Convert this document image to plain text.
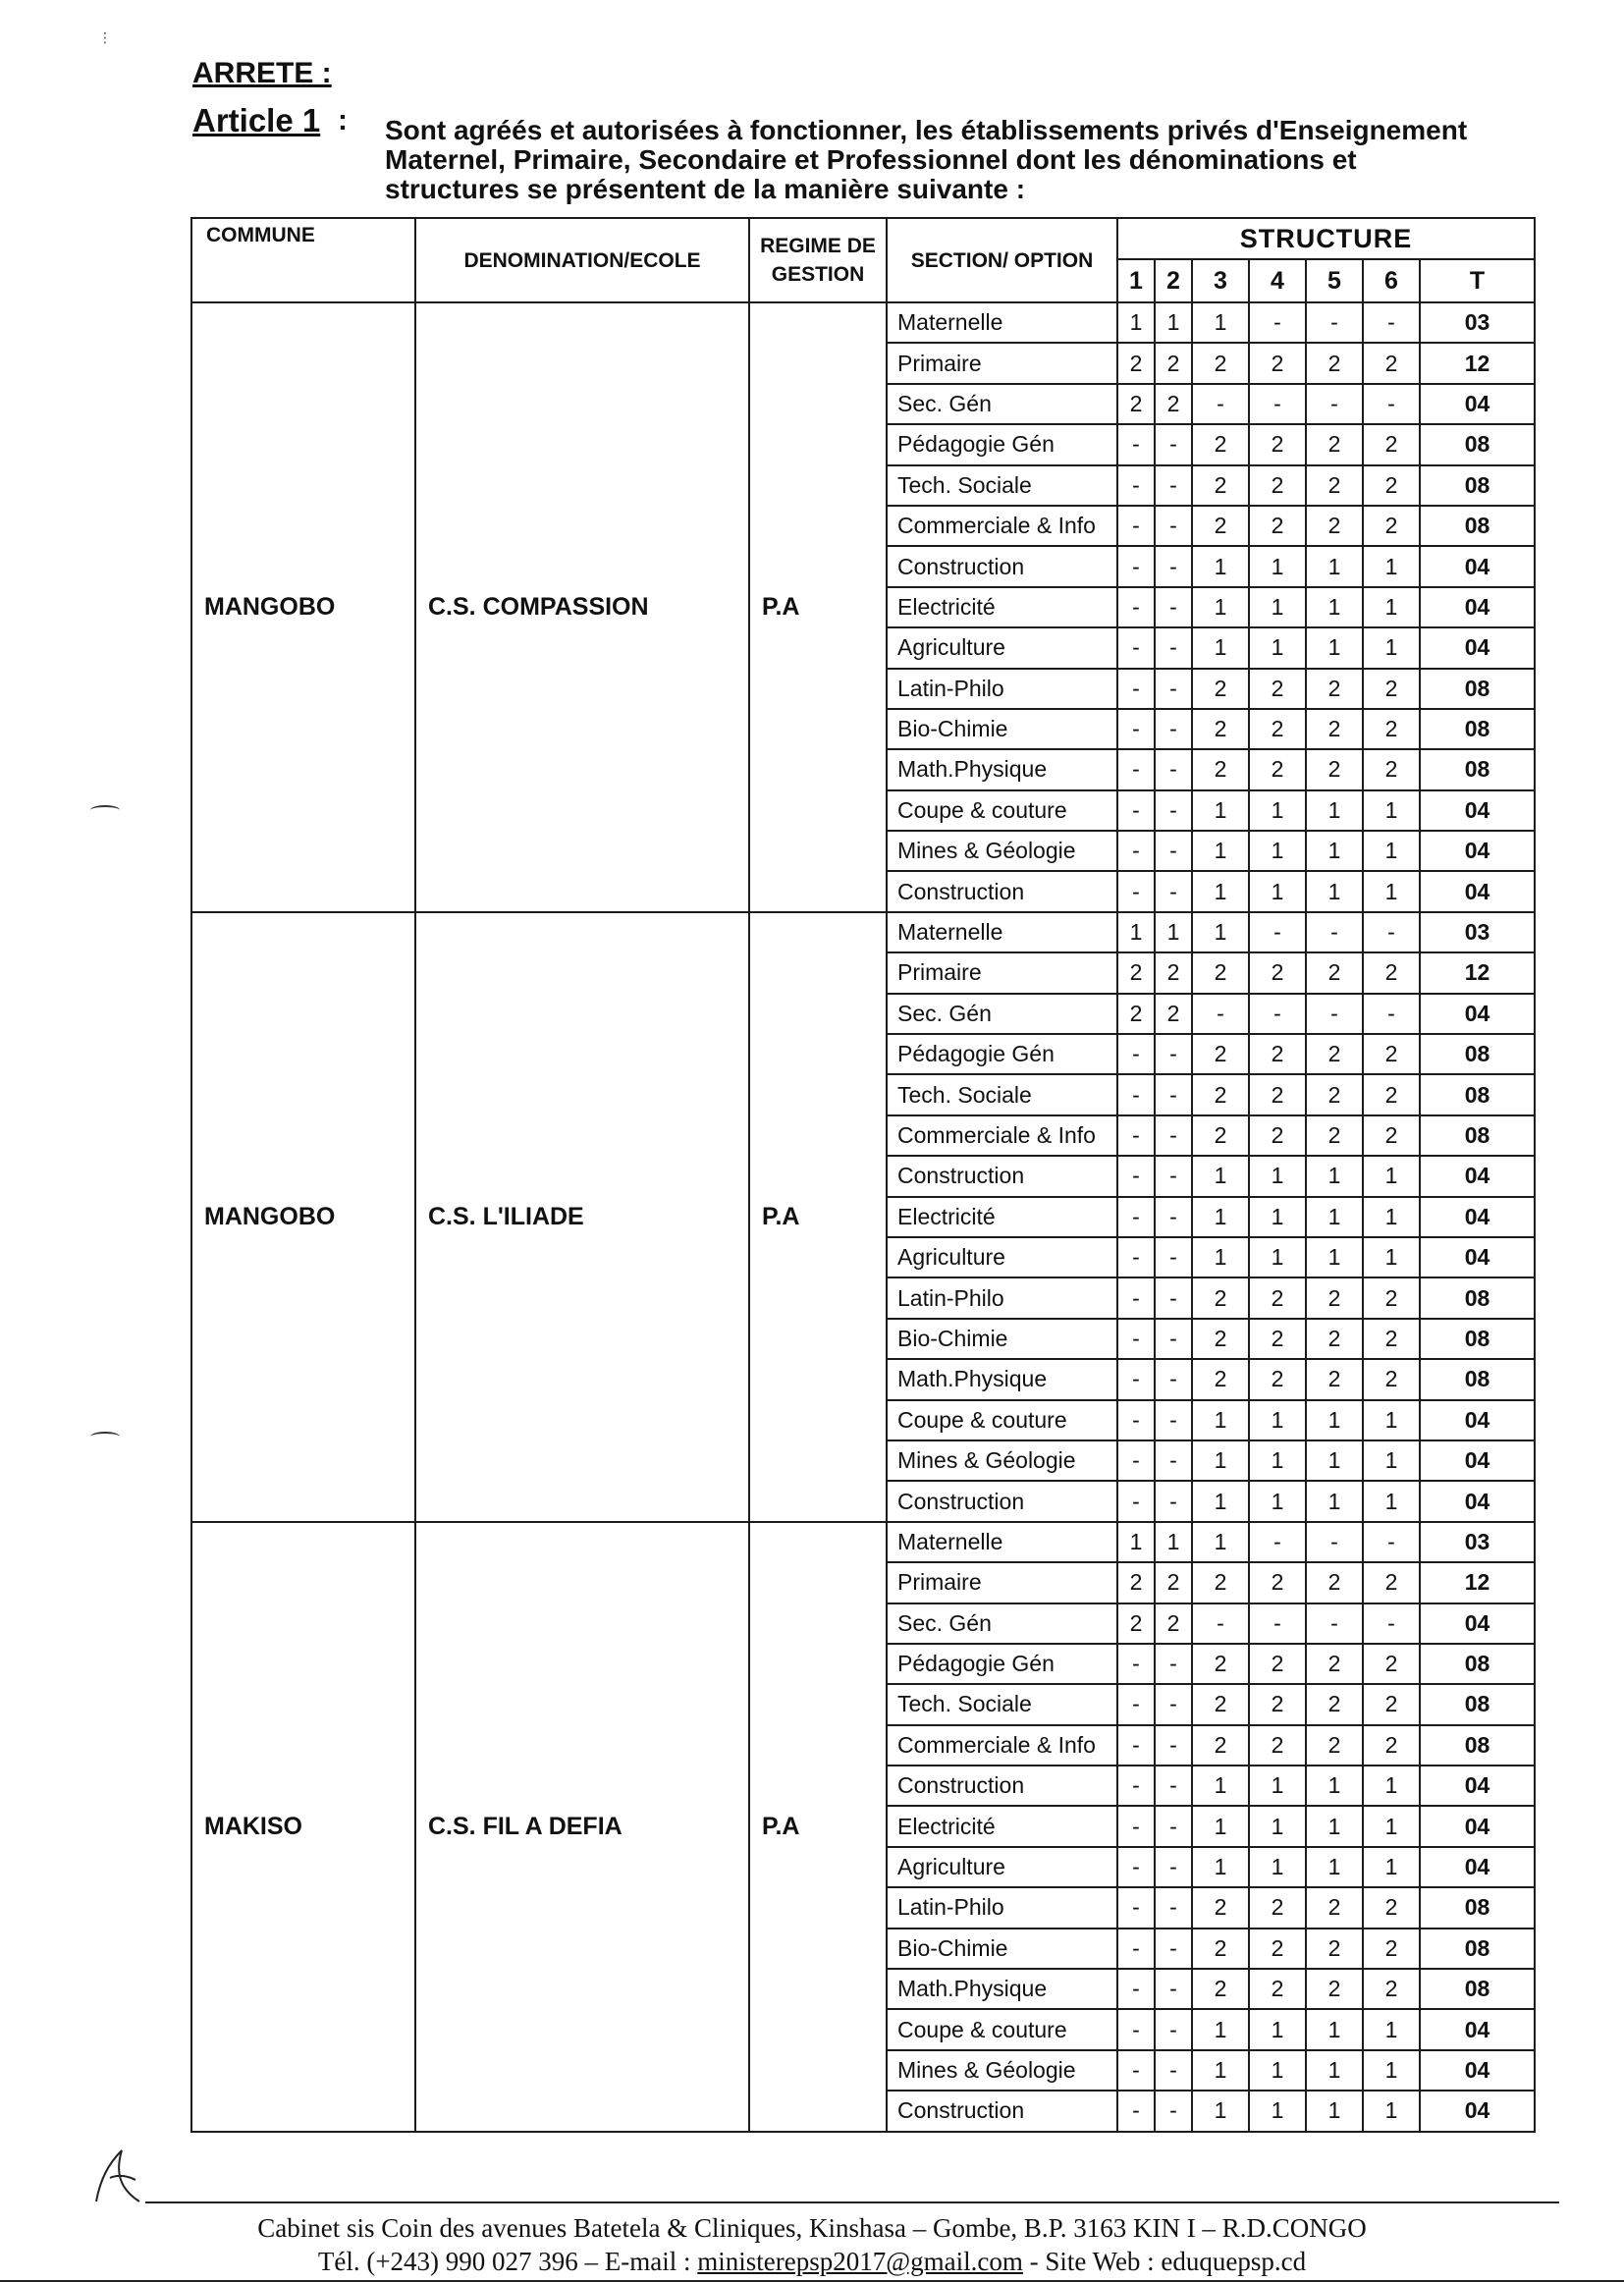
⋮
ARRETE :
Article 1 : Sont agréés et autorisées à fonctionner, les établissements privés d'Enseignement
Maternel, Primaire, Secondaire et Professionnel dont les dénominations et
structures se présentent de la manière suivante :

COMMUNE	DENOMINATION/ECOLE	REGIME DE GESTION	SECTION/ OPTION	STRUCTURE						
				1	2	3	4	5	6	T
MANGOBO	C.S. COMPASSION	P.A	Maternelle	1	1	1	-	-	-	03
			Primaire	2	2	2	2	2	2	12
			Sec. Gén	2	2	-	-	-	-	04
			Pédagogie Gén	-	-	2	2	2	2	08
			Tech. Sociale	-	-	2	2	2	2	08
			Commerciale & Info	-	-	2	2	2	2	08
			Construction	-	-	1	1	1	1	04
			Electricité	-	-	1	1	1	1	04
			Agriculture	-	-	1	1	1	1	04
			Latin-Philo	-	-	2	2	2	2	08
			Bio-Chimie	-	-	2	2	2	2	08
			Math.Physique	-	-	2	2	2	2	08
			Coupe & couture	-	-	1	1	1	1	04
			Mines & Géologie	-	-	1	1	1	1	04
			Construction	-	-	1	1	1	1	04
MANGOBO	C.S. L'ILIADE	P.A	Maternelle	1	1	1	-	-	-	03
			Primaire	2	2	2	2	2	2	12
			Sec. Gén	2	2	-	-	-	-	04
			Pédagogie Gén	-	-	2	2	2	2	08
			Tech. Sociale	-	-	2	2	2	2	08
			Commerciale & Info	-	-	2	2	2	2	08
			Construction	-	-	1	1	1	1	04
			Electricité	-	-	1	1	1	1	04
			Agriculture	-	-	1	1	1	1	04
			Latin-Philo	-	-	2	2	2	2	08
			Bio-Chimie	-	-	2	2	2	2	08
			Math.Physique	-	-	2	2	2	2	08
			Coupe & couture	-	-	1	1	1	1	04
			Mines & Géologie	-	-	1	1	1	1	04
			Construction	-	-	1	1	1	1	04
MAKISO	C.S. FIL A DEFIA	P.A	Maternelle	1	1	1	-	-	-	03
			Primaire	2	2	2	2	2	2	12
			Sec. Gén	2	2	-	-	-	-	04
			Pédagogie Gén	-	-	2	2	2	2	08
			Tech. Sociale	-	-	2	2	2	2	08
			Commerciale & Info	-	-	2	2	2	2	08
			Construction	-	-	1	1	1	1	04
			Electricité	-	-	1	1	1	1	04
			Agriculture	-	-	1	1	1	1	04
			Latin-Philo	-	-	2	2	2	2	08
			Bio-Chimie	-	-	2	2	2	2	08
			Math.Physique	-	-	2	2	2	2	08
			Coupe & couture	-	-	1	1	1	1	04
			Mines & Géologie	-	-	1	1	1	1	04
			Construction	-	-	1	1	1	1	04

Cabinet sis Coin des avenues Batetela & Cliniques, Kinshasa – Gombe, B.P. 3163 KIN I – R.D.CONGO

Tél. (+243) 990 027 396 – E-mail : ministerepsp2017@gmail.com - Site Web : eduquepsp.cd
